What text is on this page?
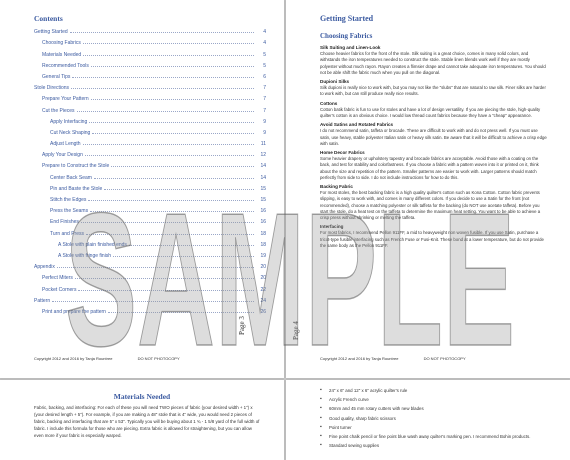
Contents
Getting Started	4
Choosing Fabrics	4
Materials Needed	5
Recommended Tools	5
General Tips	6
Stole Directions	7
Prepare Your Pattern	7
Cut the Pieces	7
Apply Interfacing	9
Cut Neck Shaping	9
Adjust Length	11
Apply Your Design	12
Prepare to Construct the Stole	14
Center Back Seam	14
Pin and Baste the Stole	15
Stitch the Edges	15
Press the Seams	16
End Finishes	16
Turn and Press	18
A Stole with plain finished ends	18
A Stole with fringe finish	19
Appendix	20
Perfect Miters	20
Pocket Corners	22
Pattern	24
Print and prepare the pattern	26
Copyright 2012 and 2016 by Tanja Rountree	DO NOT PHOTOCOPY
Page 3
Getting Started
Choosing Fabrics
Silk Suiting and Linen-Look

Choose heavier fabrics for the front of the stole. Silk suiting is a great choice, comes in many solid colors, and withstands the iron temperatures needed to construct the stole. Stable linen blends work well if they are mostly polyester without much rayon. Rayon creates a flimsier drape and cannot take adequate iron temperatures. You should not be able shift the fabric much when you pull on the diagonal.

Dupioni Silks

Silk dupioni is really nice to work with, but you may not like the "slubs" that are natural to raw silk. Finer silks are harder to work with, but can still produce really nice results.

Cottons

Cotton batik fabric is fun to use for stoles and have a lot of design versatility. If you are piecing the stole, high-quality quilter's cotton is an obvious choice. I would low thread count fabrics because they have a "cheap" appearance.

Avoid Satins and Rotated Fabrics

I do not recommend satin, taffeta or brocade. These are difficult to work with and do not press well. If you must use satin, use heavy, stable polyester Italian satin or heavy silk satin. Be aware that it will be difficult to achieve a crisp edge with satin.

Home Decor Fabrics

Some heavier drapery or upholstery tapestry and brocade fabrics are acceptable. Avoid those with a coating on the back, and test for stability and colorfastness. If you choose a fabric with a pattern woven into it or printed on it, think about the size and repetition of the pattern. Smaller patterns are easier to work with. Larger patterns should match perfectly from side to side. I do not include instructions for how to do this.

Backing Fabric

For most stoles, the best backing fabric is a high quality quilter's cotton such as Kona Cotton. Cotton fabric prevents slipping, is easy to work with, and comes in many different colors. If you decide to use a Satin for the front (not recommended), choose a matching polyester or silk taffeta for the backing (do NOT use acetate taffeta). Before you start the stole, do a heat test on the taffeta to determine the maximum heat setting. You want to be able to achieve a crisp press without shrinking or melting the taffeta.

Interfacing

For most fabrics, I recommend Pellon 911FF, a mid to heavyweight non woven fusible. If you use Satin, purchase a tricot-type fusible interfacing such as French Fuse or Fusi-Knit. These bond at a lower temperature, but do not provide the same body as the Pellon 911FF.

Copyright 2012 and 2016 by Tanja Rountree	DO NOT PHOTOCOPY
Page 4
Materials Needed

Fabric, backing, and interfacing: For each of these you will need TWO pieces of fabric (your desired width + 1") x (your desired length + 5"). For example, if you are making a 48" stole that is 4" wide, you would need 2 pieces of fabric, backing and interfacing that are 5" x 53". Typically you will be buying about 1 ¾ - 1 5/8 yard of the full width of fabric. I include this formula for those who are piecing. Extra fabric is allowed for straightening, but you can allow even more if your fabric is especially warped.

▪ 24" x 6" and 12" x 6" acrylic quilter's rule
▪ Acrylic French curve
▪ 60mm and 45 mm rotary cutters with new blades
▪ Good quality, sharp fabric scissors
▪ Point turner
▪ Fine point chalk pencil or fine point blue wash away quilter's marking pen. I recommend Bohin products.
▪ Standard sewing supplies
SAMPLE
